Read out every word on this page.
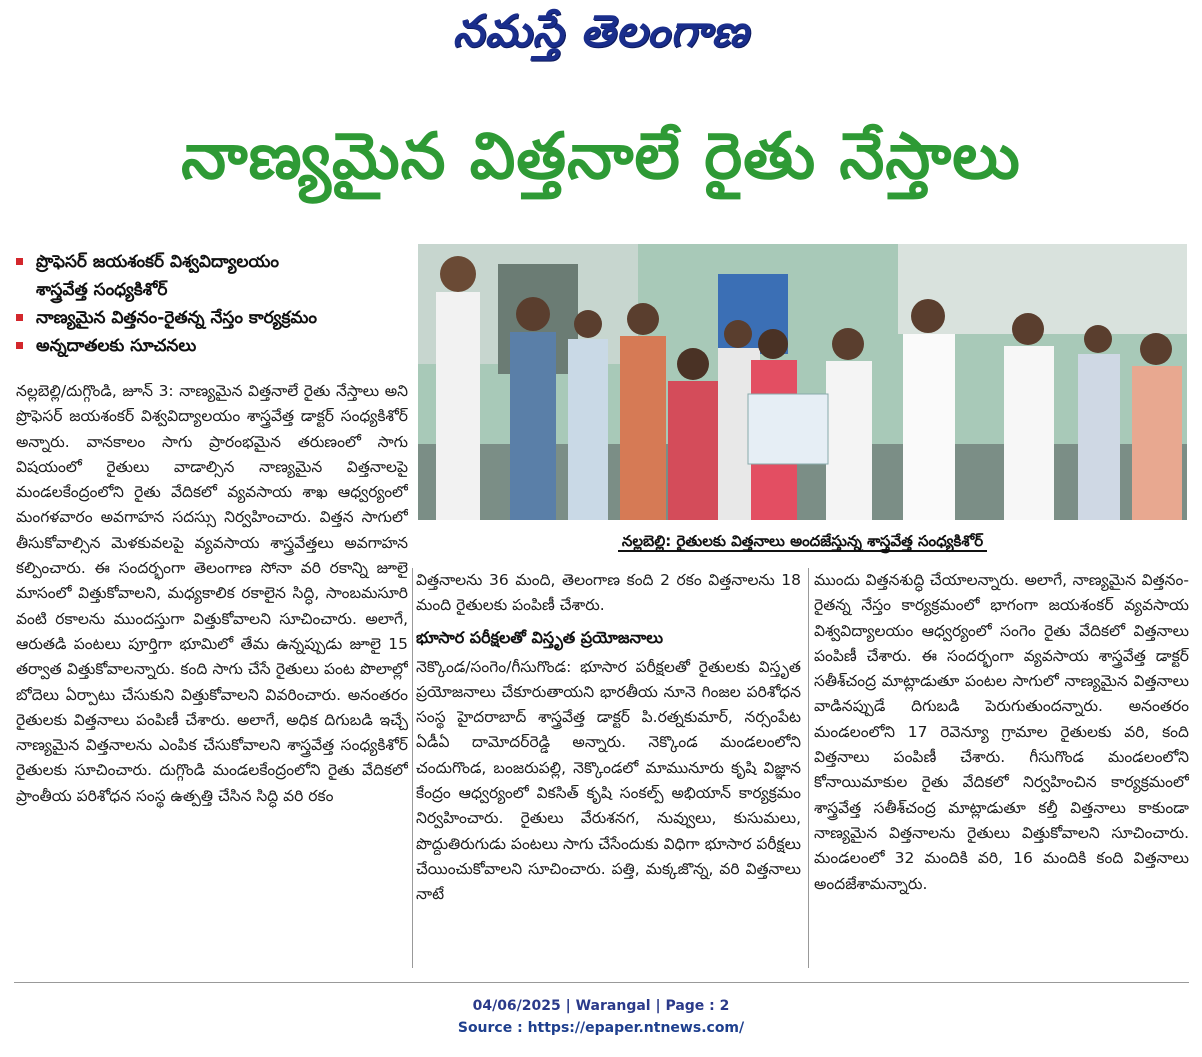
నమస్తే తెలంగాణ
నాణ్యమైన విత్తనాలే రైతు నేస్తాలు
ప్రొఫెసర్ జయశంకర్ విశ్వవిద్యాలయం
శాస్త్రవేత్త సంధ్యకిశోర్
నాణ్యమైన విత్తనం-రైతన్న నేస్తం కార్యక్రమం
అన్నదాతలకు సూచనలు

నల్లబెల్లి/దుగ్గొండి, జూన్ 3: నాణ్యమైన విత్తనాలే రైతు నేస్తాలు అని ప్రొఫెసర్ జయశంకర్ విశ్వవిద్యాలయం శాస్త్రవేత్త డాక్టర్ సంధ్యకిశోర్ అన్నారు. వానకాలం సాగు ప్రారంభమైన తరుణంలో సాగు విషయంలో రైతులు వాడాల్సిన నాణ్యమైన విత్తనాలపై మండలకేంద్రంలోని రైతు వేదికలో వ్యవసాయ శాఖ ఆధ్వర్యంలో మంగళవారం అవగాహన సదస్సు నిర్వహించారు. విత్తన సాగులో తీసుకోవాల్సిన మెళకువలపై వ్యవసాయ శాస్త్రవేత్తలు అవగాహన కల్పించారు. ఈ సందర్భంగా తెలంగాణ సోనా వరి రకాన్ని జూలై మాసంలో విత్తుకోవాలని, మధ్యకాలిక రకాలైన సిద్ధి, సాంబమసూరి వంటి రకాలను ముందస్తుగా విత్తుకోవాలని సూచించారు. అలాగే, ఆరుతడి పంటలు పూర్తిగా భూమిలో తేమ ఉన్నప్పుడు జూలై 15 తర్వాత విత్తుకోవాలన్నారు. కంది సాగు చేసే రైతులు పంట పొలాల్లో బోదెలు ఏర్పాటు చేసుకుని విత్తుకోవాలని వివరించారు. అనంతరం రైతులకు విత్తనాలు పంపిణీ చేశారు. అలాగే, అధిక దిగుబడి ఇచ్చే నాణ్యమైన విత్తనాలను ఎంపిక చేసుకోవాలని శాస్త్రవేత్త సంధ్యకిశోర్ రైతులకు సూచించారు. దుగ్గొండి మండలకేంద్రంలోని రైతు వేదికలో ప్రాంతీయ పరిశోధన సంస్థ ఉత్పత్తి చేసిన సిద్ధి వరి రకం

నల్లబెల్లి: రైతులకు విత్తనాలు అందజేస్తున్న శాస్త్రవేత్త సంధ్యకిశోర్

విత్తనాలను 36 మంది, తెలంగాణ కంది 2 రకం విత్తనాలను 18 మంది రైతులకు పంపిణీ చేశారు.

భూసార పరీక్షలతో విస్తృత ప్రయోజనాలు

నెక్కొండ/సంగెం/గీసుగొండ: భూసార పరీక్షలతో రైతులకు విస్తృత ప్రయోజనాలు చేకూరుతాయని భారతీయ నూనె గింజల పరిశోధన సంస్థ హైదరాబాద్ శాస్త్రవేత్త డాక్టర్ పి.రత్నకుమార్, నర్సంపేట ఏడీఏ దామోదర్‌రెడ్డి అన్నారు. నెక్కొండ మండలంలోని చందుగొండ, బంజరుపల్లి, నెక్కొండలో మామునూరు కృషి విజ్ఞాన కేంద్రం ఆధ్వర్యంలో వికసిత్ కృషి సంకల్ప్ అభియాన్ కార్యక్రమం నిర్వహించారు. రైతులు వేరుశనగ, నువ్వులు, కుసుమలు, పొద్దుతిరుగుడు పంటలు సాగు చేసేందుకు విధిగా భూసార పరీక్షలు చేయించుకోవాలని సూచించారు. పత్తి, మక్కజొన్న, వరి విత్తనాలు నాటే

ముందు విత్తనశుద్ధి చేయాలన్నారు. అలాగే, నాణ్యమైన విత్తనం-రైతన్న నేస్తం కార్యక్రమంలో భాగంగా జయశంకర్ వ్యవసాయ విశ్వవిద్యాలయం ఆధ్వర్యంలో సంగెం రైతు వేదికలో విత్తనాలు పంపిణీ చేశారు. ఈ సందర్భంగా వ్యవసాయ శాస్త్రవేత్త డాక్టర్ సతీశ్‌చంద్ర మాట్లాడుతూ పంటల సాగులో నాణ్యమైన విత్తనాలు వాడినప్పుడే దిగుబడి పెరుగుతుందన్నారు. అనంతరం మండలంలోని 17 రెవెన్యూ గ్రామాల రైతులకు వరి, కంది విత్తనాలు పంపిణీ చేశారు. గీసుగొండ మండలంలోని కోనాయిమాకుల రైతు వేదికలో నిర్వహించిన కార్యక్రమంలో శాస్త్రవేత్త సతీశ్‌చంద్ర మాట్లాడుతూ కల్తీ విత్తనాలు కాకుండా నాణ్యమైన విత్తనాలను రైతులు విత్తుకోవాలని సూచించారు. మండలంలో 32 మందికి వరి, 16 మందికి కంది విత్తనాలు అందజేశామన్నారు.

04/06/2025 | Warangal | Page : 2
Source : https://epaper.ntnews.com/
